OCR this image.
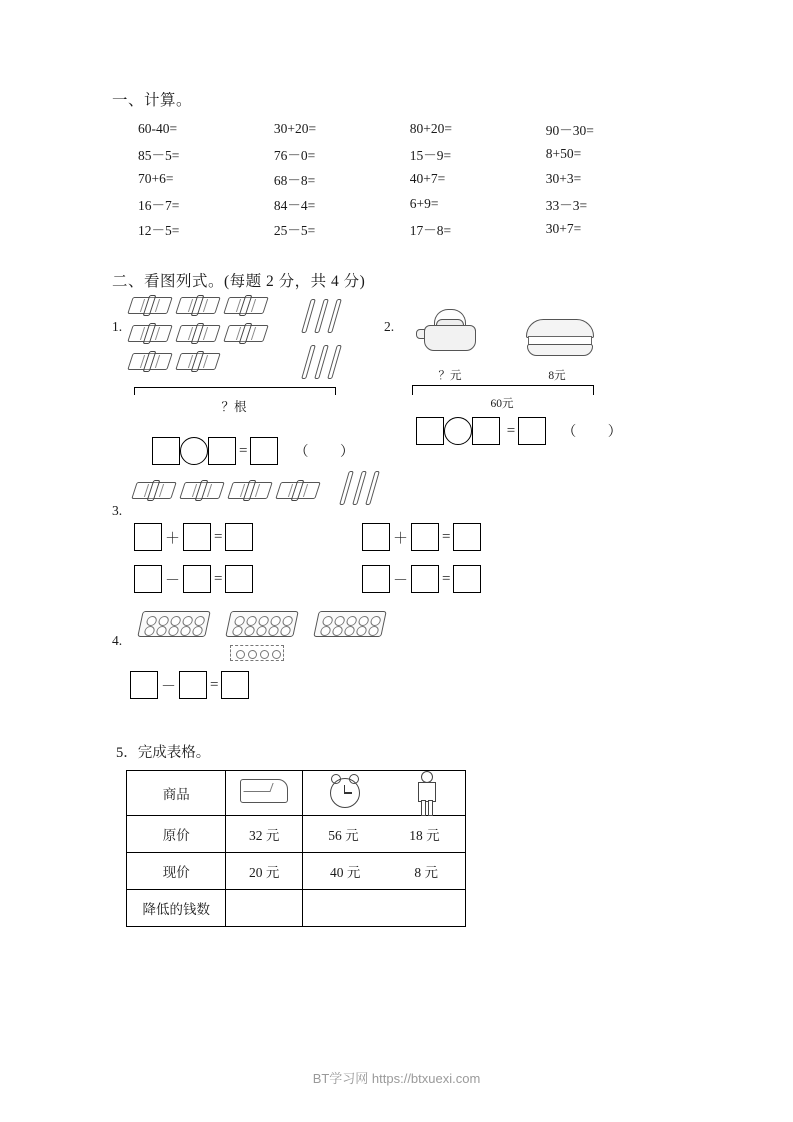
一、计算。
60-40=	30+20=	80+20=	90－30=
85－5=	76－0=	15－9=	8+50=
70+6=	68－8=	40+7=	30+3=
16－7=	84－4=	6+9=	33－3=
12－5=	25－5=	17－8=	30+7=
二、看图列式。(每题 2 分，共 4 分)
1.

？根
=	（ ）
2.
？元	8元
60元
=	（ ）
3.

＋ =	＋ =
－ =	－ =
4.

－ =
5．完成表格。
商品		

原价	32 元	56 元 18 元

现价	20 元	40 元 8 元

降低的钱数		
BT学习网 https://btxuexi.com
